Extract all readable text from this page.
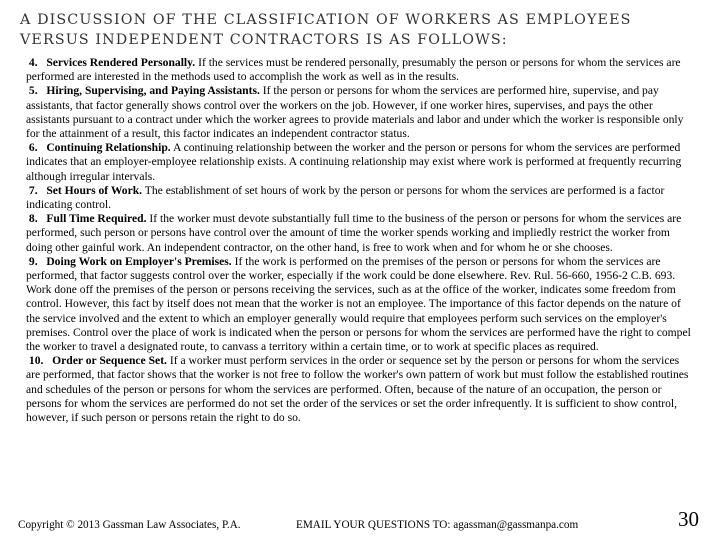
A DISCUSSION OF THE CLASSIFICATION OF WORKERS AS EMPLOYEES
VERSUS INDEPENDENT CONTRACTORS IS AS FOLLOWS:

4. Services Rendered Personally. If the services must be rendered personally, presumably the person or persons for whom the services are performed are interested in the methods used to accomplish the work as well as in the results.

5. Hiring, Supervising, and Paying Assistants. If the person or persons for whom the services are performed hire, supervise, and pay assistants, that factor generally shows control over the workers on the job. However, if one worker hires, supervises, and pays the other assistants pursuant to a contract under which the worker agrees to provide materials and labor and under which the worker is responsible only for the attainment of a result, this factor indicates an independent contractor status.

6. Continuing Relationship. A continuing relationship between the worker and the person or persons for whom the services are performed indicates that an employer-employee relationship exists. A continuing relationship may exist where work is performed at frequently recurring although irregular intervals.

7. Set Hours of Work. The establishment of set hours of work by the person or persons for whom the services are performed is a factor indicating control.

8. Full Time Required. If the worker must devote substantially full time to the business of the person or persons for whom the services are performed, such person or persons have control over the amount of time the worker spends working and impliedly restrict the worker from doing other gainful work. An independent contractor, on the other hand, is free to work when and for whom he or she chooses.

9. Doing Work on Employer's Premises. If the work is performed on the premises of the person or persons for whom the services are performed, that factor suggests control over the worker, especially if the work could be done elsewhere. Rev. Rul. 56-660, 1956-2 C.B. 693. Work done off the premises of the person or persons receiving the services, such as at the office of the worker, indicates some freedom from control. However, this fact by itself does not mean that the worker is not an employee. The importance of this factor depends on the nature of the service involved and the extent to which an employer generally would require that employees perform such services on the employer's premises. Control over the place of work is indicated when the person or persons for whom the services are performed have the right to compel the worker to travel a designated route, to canvass a territory within a certain time, or to work at specific places as required.

10. Order or Sequence Set. If a worker must perform services in the order or sequence set by the person or persons for whom the services are performed, that factor shows that the worker is not free to follow the worker's own pattern of work but must follow the established routines and schedules of the person or persons for whom the services are performed. Often, because of the nature of an occupation, the person or persons for whom the services are performed do not set the order of the services or set the order infrequently. It is sufficient to show control, however, if such person or persons retain the right to do so.

Copyright © 2013 Gassman Law Associates, P.A.	EMAIL YOUR QUESTIONS TO: agassman@gassmanpa.com	30
